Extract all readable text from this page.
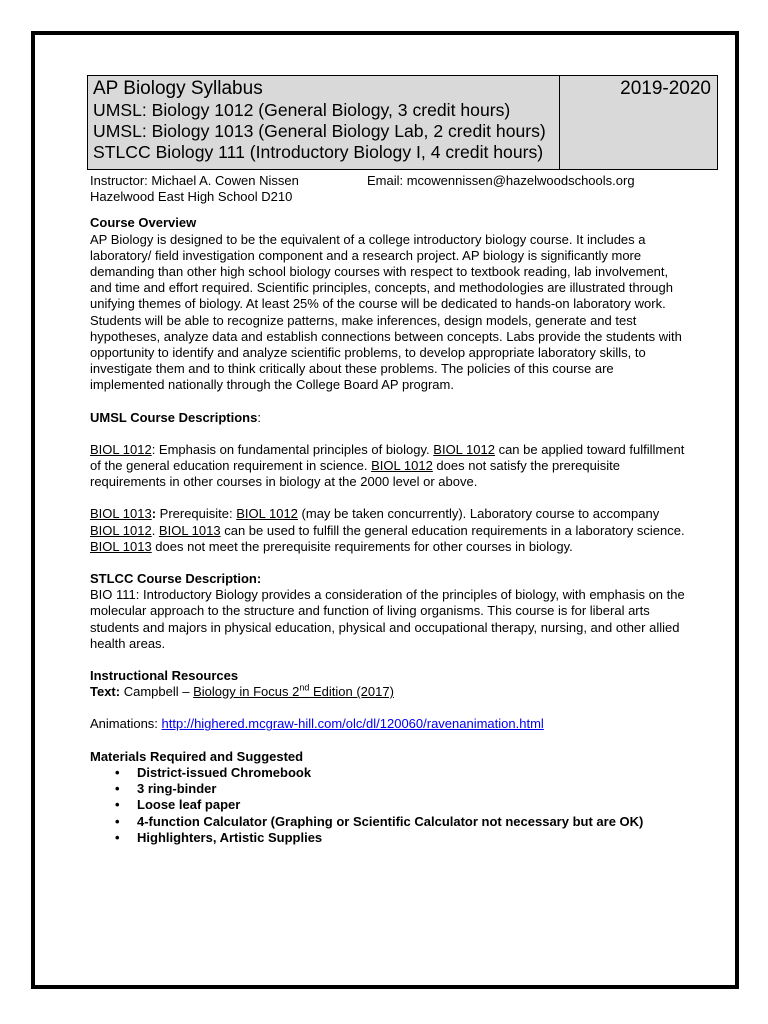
AP Biology Syllabus
UMSL: Biology 1012 (General Biology, 3 credit hours)
UMSL: Biology 1013 (General Biology Lab, 2 credit hours)
STLCC Biology 111 (Introductory Biology I, 4 credit hours)
2019-2020
Instructor: Michael A. Cowen Nissen	Email: mcowennissen@hazelwoodschools.org

Hazelwood East High School D210

Course Overview

AP Biology is designed to be the equivalent of a college introductory biology course. It includes a laboratory/ field investigation component and a research project. AP biology is significantly more demanding than other high school biology courses with respect to textbook reading, lab involvement, and time and effort required. Scientific principles, concepts, and methodologies are illustrated through unifying themes of biology. At least 25% of the course will be dedicated to hands-on laboratory work. Students will be able to recognize patterns, make inferences, design models, generate and test hypotheses, analyze data and establish connections between concepts. Labs provide the students with opportunity to identify and analyze scientific problems, to develop appropriate laboratory skills, to investigate them and to think critically about these problems. The policies of this course are implemented nationally through the College Board AP program.

UMSL Course Descriptions:

BIOL 1012: Emphasis on fundamental principles of biology. BIOL 1012 can be applied toward fulfillment of the general education requirement in science. BIOL 1012 does not satisfy the prerequisite requirements in other courses in biology at the 2000 level or above.

BIOL 1013: Prerequisite: BIOL 1012 (may be taken concurrently). Laboratory course to accompany BIOL 1012. BIOL 1013 can be used to fulfill the general education requirements in a laboratory science. BIOL 1013 does not meet the prerequisite requirements for other courses in biology.

STLCC Course Description:

BIO 111: Introductory Biology provides a consideration of the principles of biology, with emphasis on the molecular approach to the structure and function of living organisms. This course is for liberal arts students and majors in physical education, physical and occupational therapy, nursing, and other allied health areas.

Instructional Resources

Text: Campbell – Biology in Focus 2nd Edition (2017)

Animations: http://highered.mcgraw-hill.com/olc/dl/120060/ravenanimation.html

Materials Required and Suggested

• District-issued Chromebook
• 3 ring-binder
• Loose leaf paper
• 4-function Calculator (Graphing or Scientific Calculator not necessary but are OK)
• Highlighters, Artistic Supplies
